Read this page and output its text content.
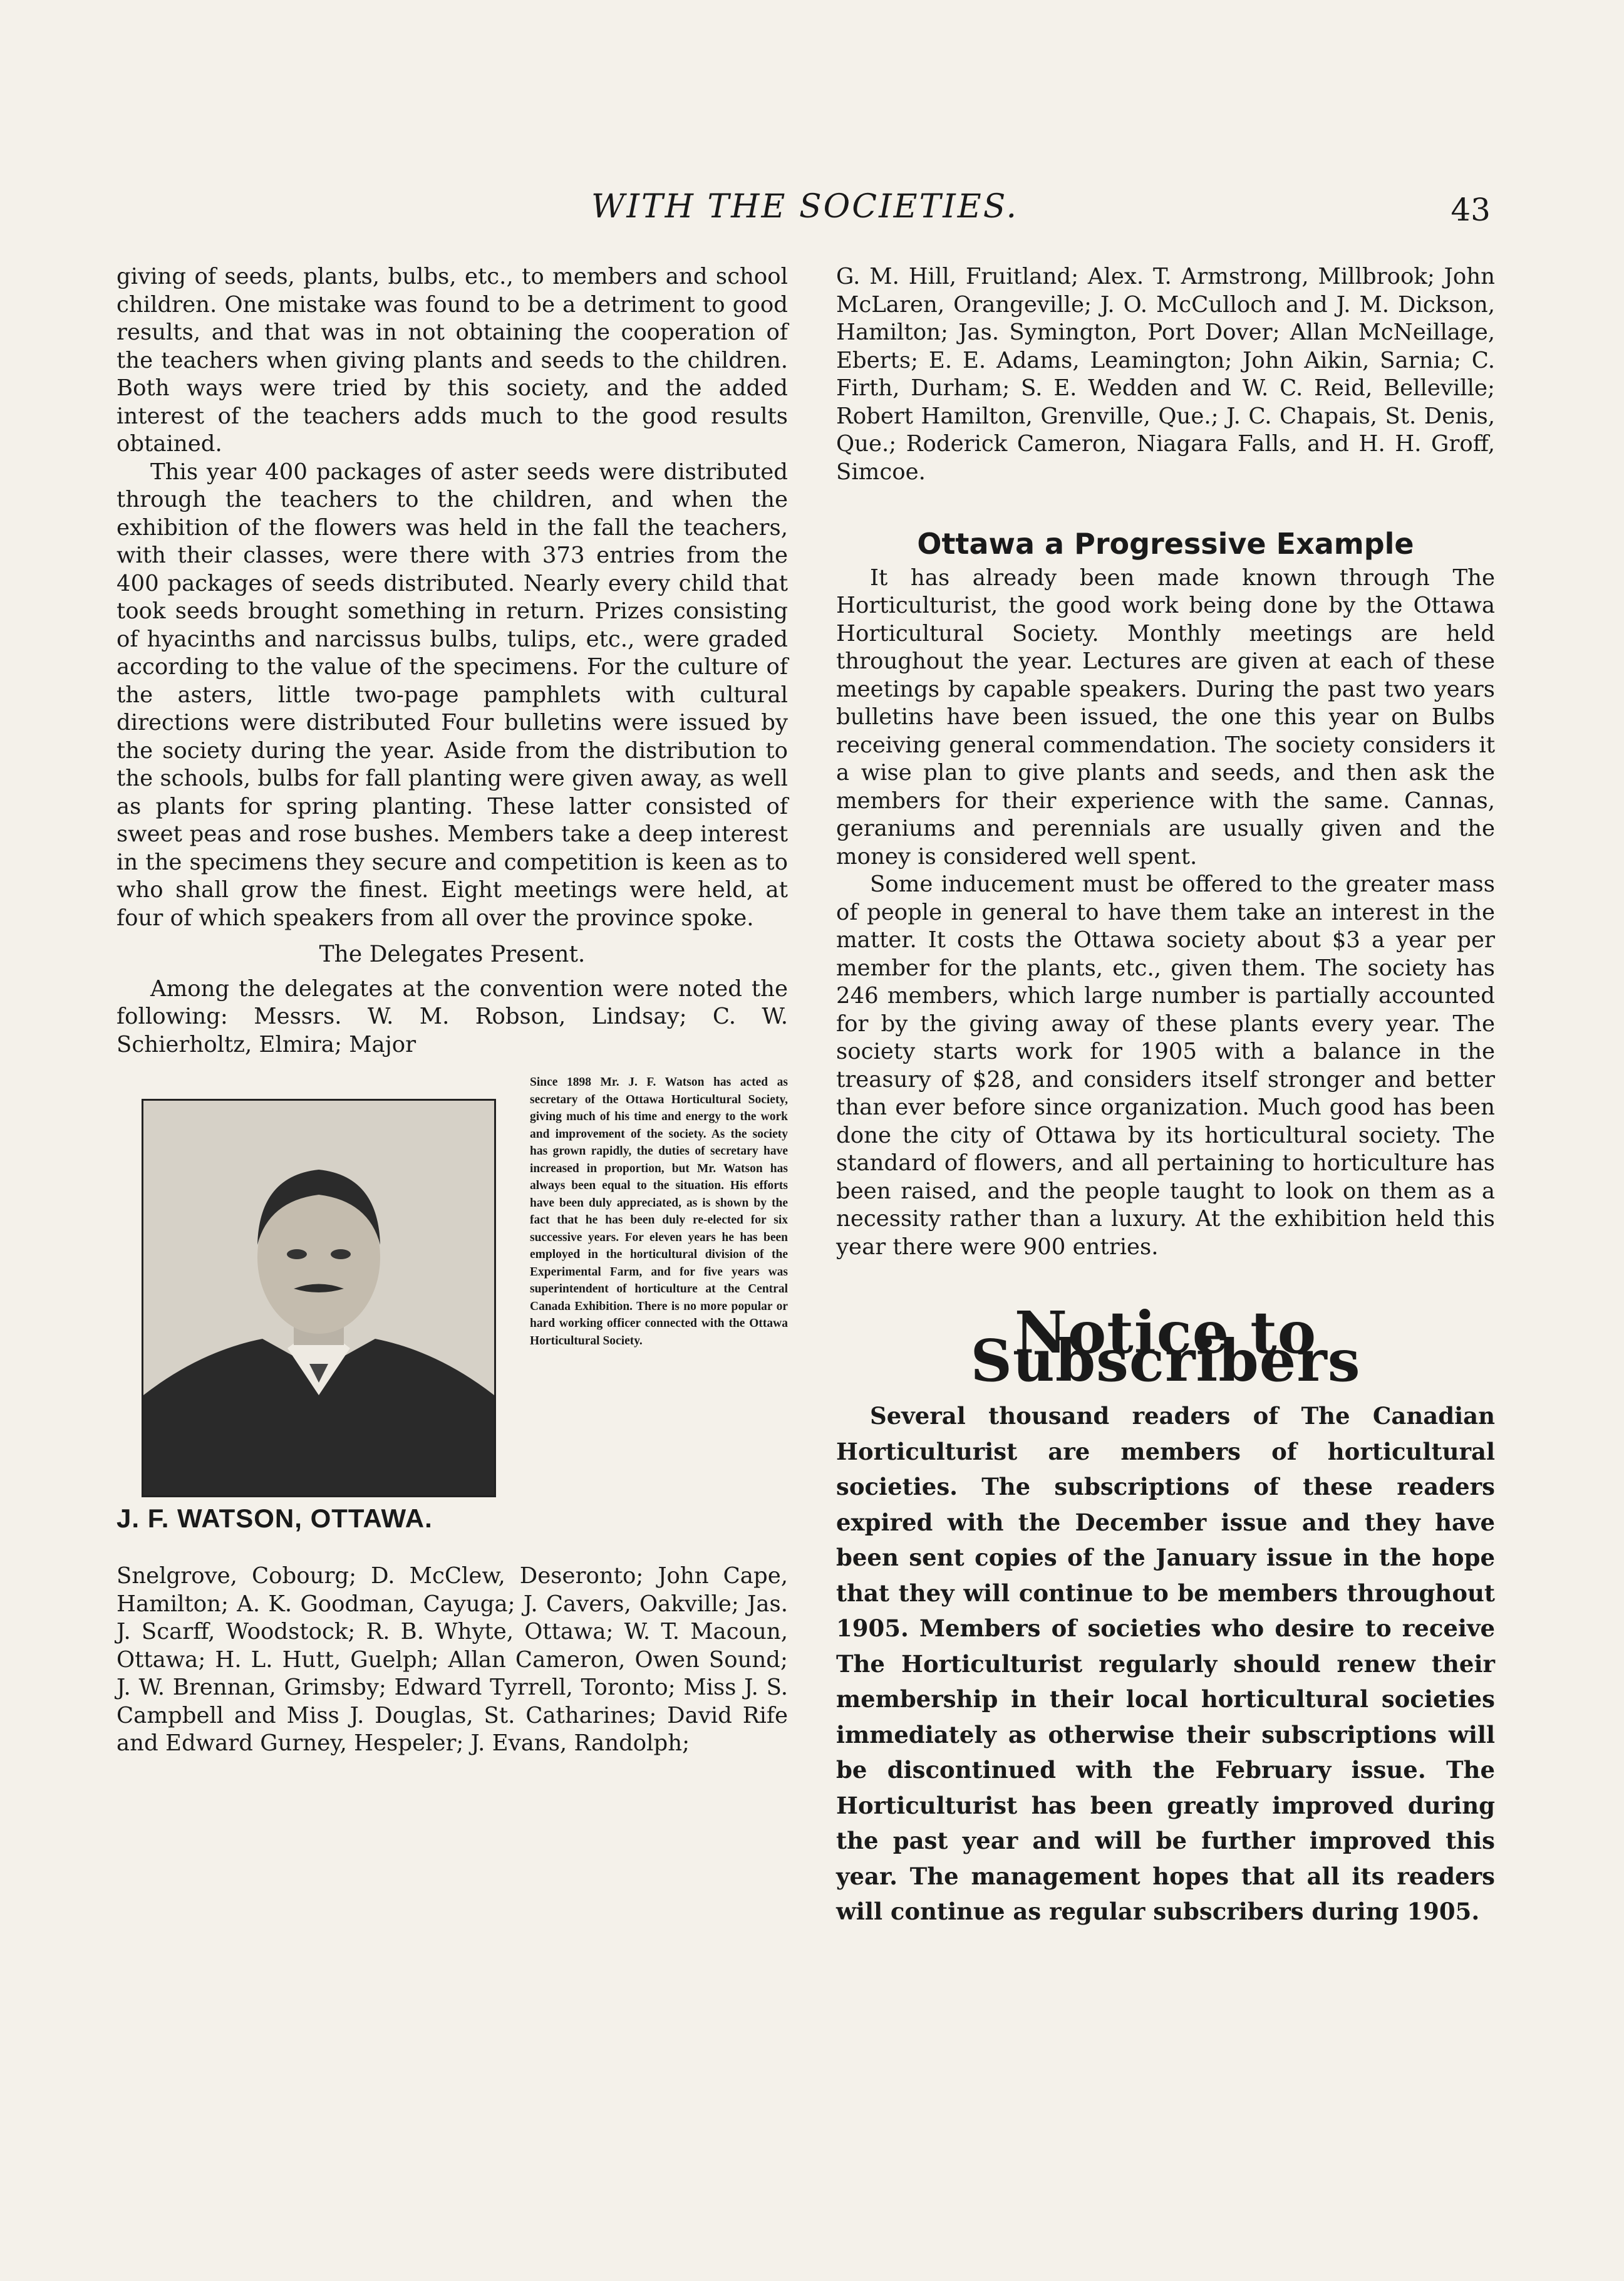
WITH THE SOCIETIES.	43

giving of seeds, plants, bulbs, etc., to members and school children. One mistake was found to be a detriment to good results, and that was in not obtaining the cooperation of the teachers when giving plants and seeds to the children. Both ways were tried by this society, and the added interest of the teachers adds much to the good results obtained.

This year 400 packages of aster seeds were distributed through the teachers to the children, and when the exhibition of the flowers was held in the fall the teachers, with their classes, were there with 373 entries from the 400 packages of seeds distributed. Nearly every child that took seeds brought something in return. Prizes consisting of hyacinths and narcissus bulbs, tulips, etc., were graded according to the value of the specimens. For the culture of the asters, little two-page pamphlets with cultural directions were distributed Four bulletins were issued by the society during the year. Aside from the distribution to the schools, bulbs for fall planting were given away, as well as plants for spring planting. These latter consisted of sweet peas and rose bushes. Members take a deep interest in the specimens they secure and competition is keen as to who shall grow the finest. Eight meetings were held, at four of which speakers from all over the province spoke.

The Delegates Present.

Among the delegates at the convention were noted the following: Messrs. W. M. Robson, Lindsay; C. W. Schierholtz, Elmira; Major

J. F. WATSON, OTTAWA.
Since 1898 Mr. J. F. Watson has acted as secretary of the Ottawa Horticultural Society, giving much of his time and energy to the work and improvement of the society. As the society has grown rapidly, the duties of secretary have increased in proportion, but Mr. Watson has always been equal to the situation. His efforts have been duly appreciated, as is shown by the fact that he has been duly re-elected for six successive years. For eleven years he has been employed in the horticultural division of the Experimental Farm, and for five years was superintendent of horticulture at the Central Canada Exhibition. There is no more popular or hard working officer connected with the Ottawa Horticultural Society.

Snelgrove, Cobourg; D. McClew, Deseronto; John Cape, Hamilton; A. K. Goodman, Cayuga; J. Cavers, Oakville; Jas. J. Scarff, Woodstock; R. B. Whyte, Ottawa; W. T. Macoun, Ottawa; H. L. Hutt, Guelph; Allan Cameron, Owen Sound; J. W. Brennan, Grimsby; Edward Tyrrell, Toronto; Miss J. S. Campbell and Miss J. Douglas, St. Catharines; David Rife and Edward Gurney, Hespeler; J. Evans, Randolph;

G. M. Hill, Fruitland; Alex. T. Armstrong, Millbrook; John McLaren, Orangeville; J. O. McCulloch and J. M. Dickson, Hamilton; Jas. Symington, Port Dover; Allan McNeillage, Eberts; E. E. Adams, Leamington; John Aikin, Sarnia; C. Firth, Durham; S. E. Wedden and W. C. Reid, Belleville; Robert Hamilton, Grenville, Que.; J. C. Chapais, St. Denis, Que.; Roderick Cameron, Niagara Falls, and H. H. Groff, Simcoe.

Ottawa a Progressive Example

It has already been made known through The Horticulturist, the good work being done by the Ottawa Horticultural Society. Monthly meetings are held throughout the year. Lectures are given at each of these meetings by capable speakers. During the past two years bulletins have been issued, the one this year on Bulbs receiving general commendation. The society considers it a wise plan to give plants and seeds, and then ask the members for their experience with the same. Cannas, geraniums and perennials are usually given and the money is considered well spent.

Some inducement must be offered to the greater mass of people in general to have them take an interest in the matter. It costs the Ottawa society about $3 a year per member for the plants, etc., given them. The society has 246 members, which large number is partially accounted for by the giving away of these plants every year. The society starts work for 1905 with a balance in the treasury of $28, and considers itself stronger and better than ever before since organization. Much good has been done the city of Ottawa by its horticultural society. The standard of flowers, and all pertaining to horticulture has been raised, and the people taught to look on them as a necessity rather than a luxury. At the exhibition held this year there were 900 entries.

Notice to Subscribers

Several thousand readers of The Canadian Horticulturist are members of horticultural societies. The subscriptions of these readers expired with the December issue and they have been sent copies of the January issue in the hope that they will continue to be members throughout 1905. Members of societies who desire to receive The Horticulturist regularly should renew their membership in their local horticultural societies immediately as otherwise their subscriptions will be discontinued with the February issue. The Horticulturist has been greatly improved during the past year and will be further improved this year. The management hopes that all its readers will continue as regular subscribers during 1905.
